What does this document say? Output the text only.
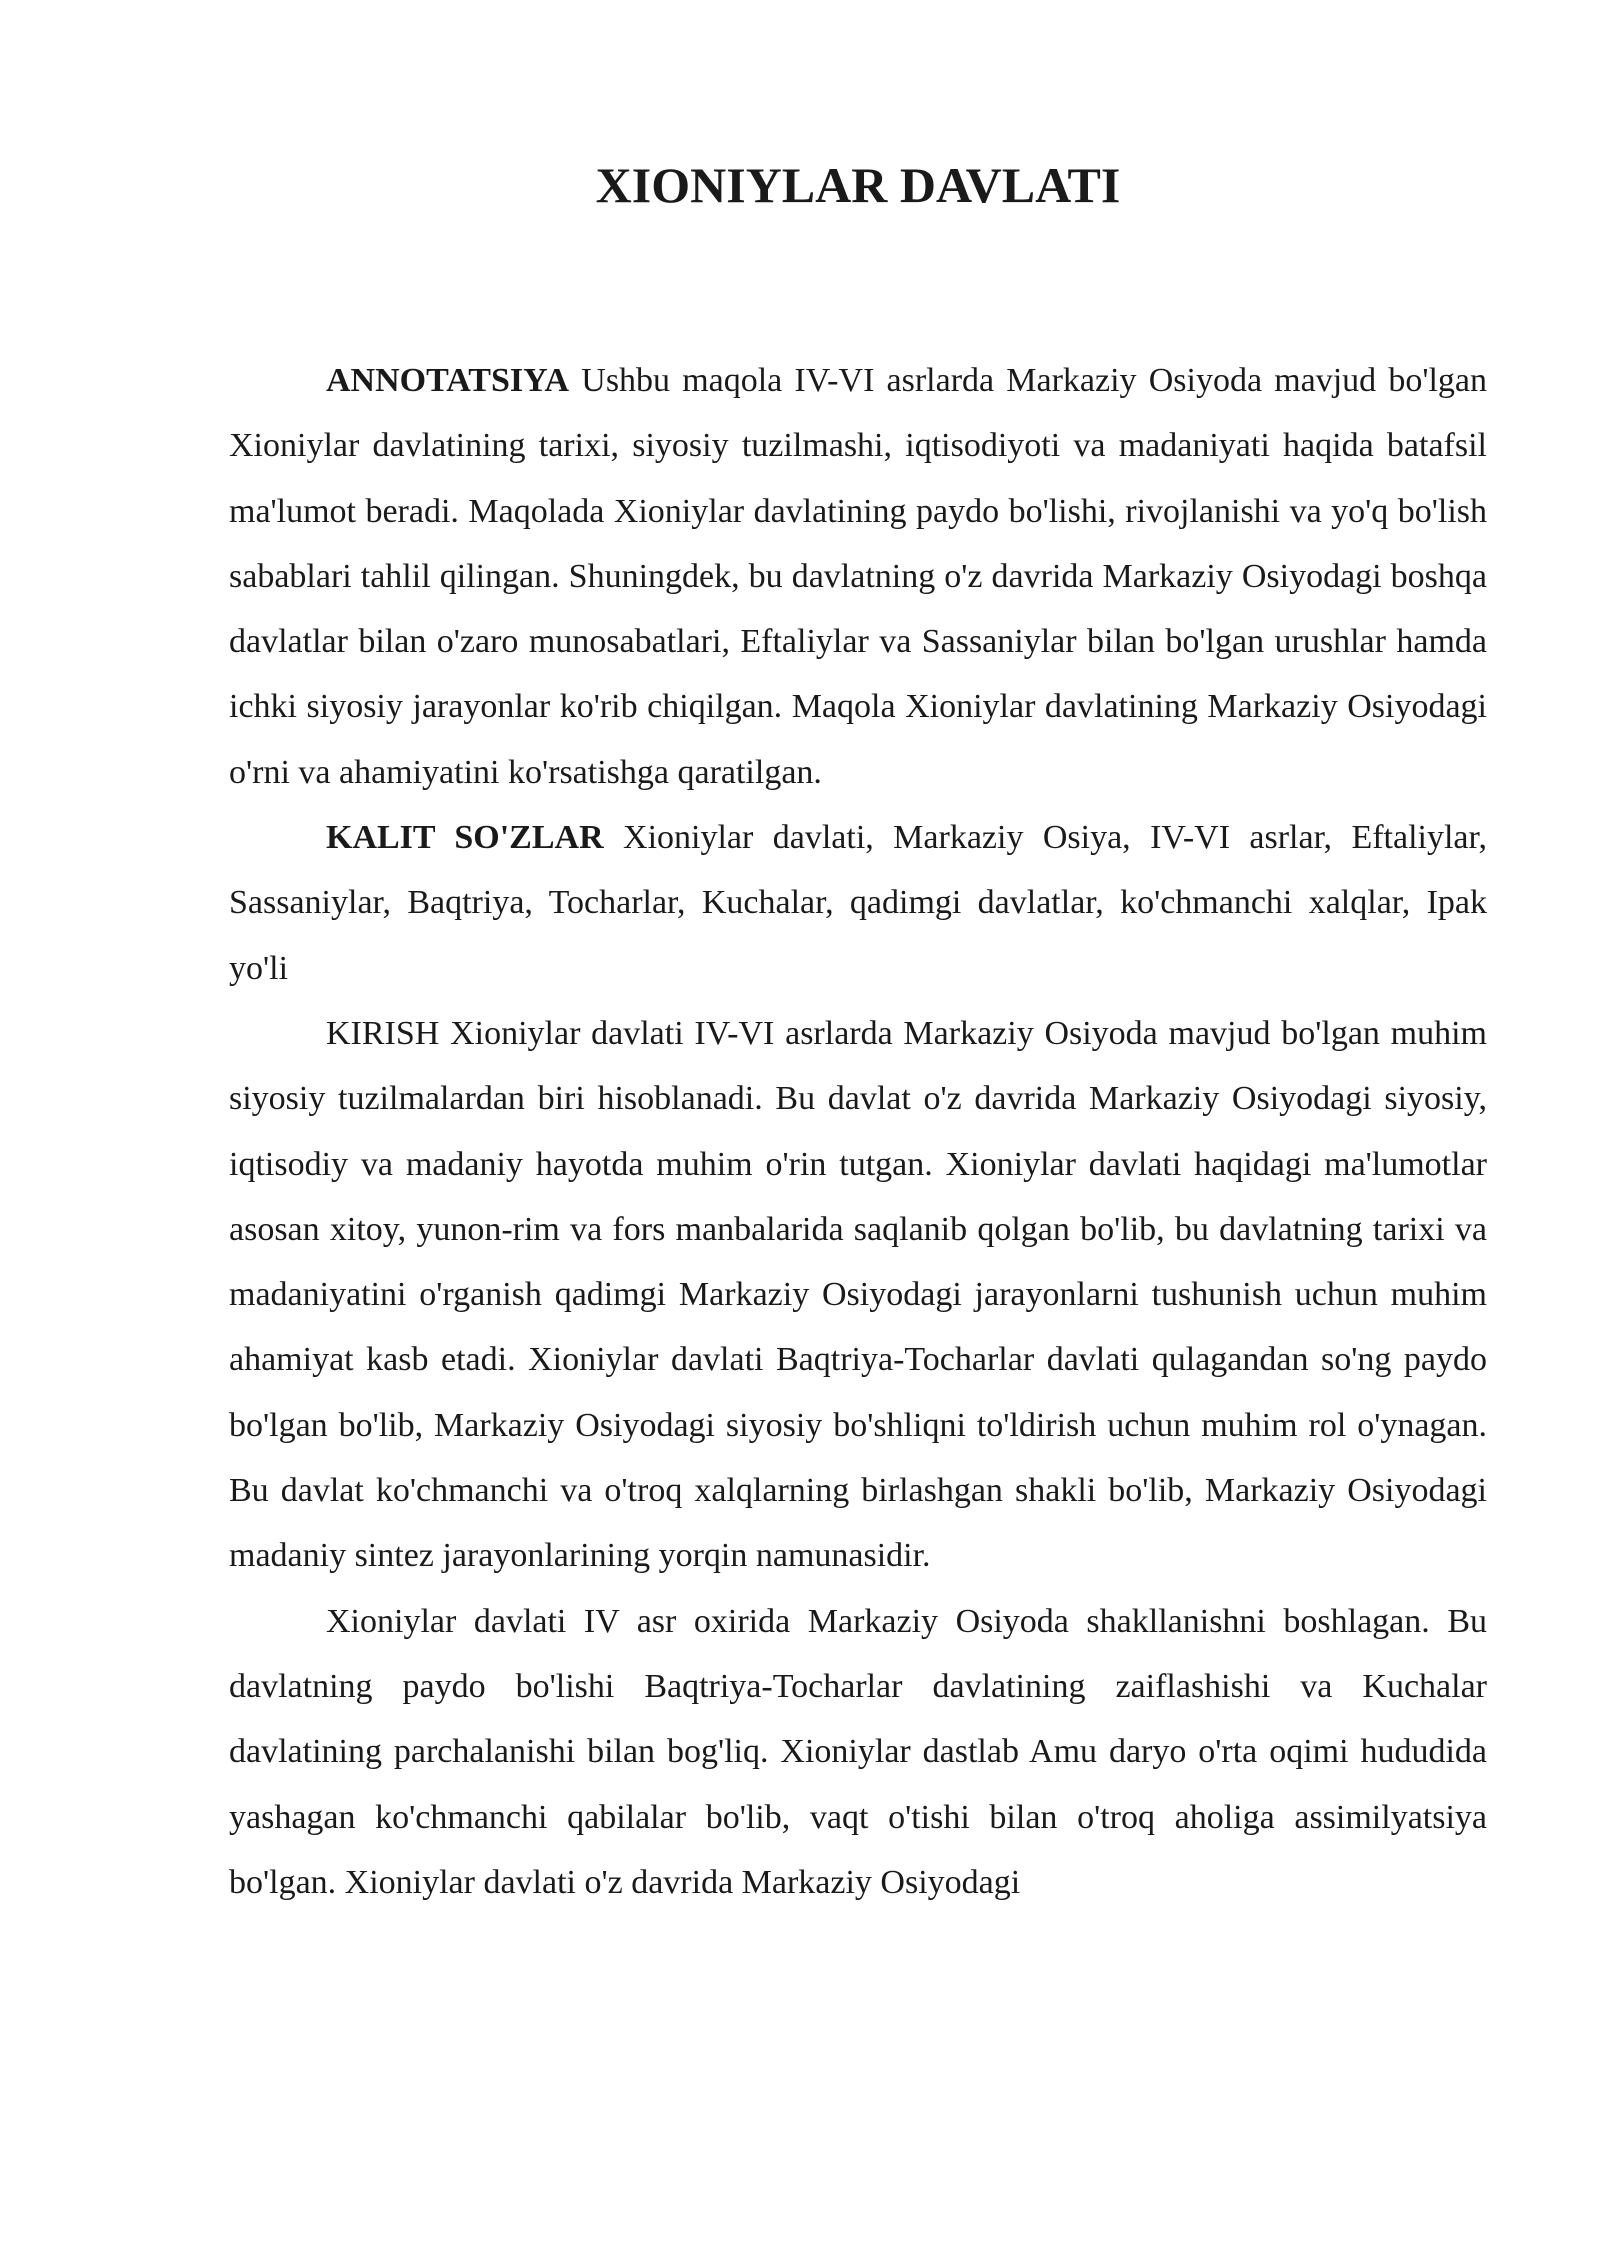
XIONIYLAR DAVLATI

ANNOTATSIYA Ushbu maqola IV-VI asrlarda Markaziy Osiyoda mavjud bo'lgan Xioniylar davlatining tarixi, siyosiy tuzilmashi, iqtisodiyoti va madaniyati haqida batafsil ma'lumot beradi. Maqolada Xioniylar davlatining paydo bo'lishi, rivojlanishi va yo'q bo'lish sabablari tahlil qilingan. Shuningdek, bu davlatning o'z davrida Markaziy Osiyodagi boshqa davlatlar bilan o'zaro munosabatlari, Eftaliylar va Sassaniylar bilan bo'lgan urushlar hamda ichki siyosiy jarayonlar ko'rib chiqilgan. Maqola Xioniylar davlatining Markaziy Osiyodagi o'rni va ahamiyatini ko'rsatishga qaratilgan.

KALIT SO'ZLAR Xioniylar davlati, Markaziy Osiya, IV-VI asrlar, Eftaliylar, Sassaniylar, Baqtriya, Tocharlar, Kuchalar, qadimgi davlatlar, ko'chmanchi xalqlar, Ipak yo'li

KIRISH Xioniylar davlati IV-VI asrlarda Markaziy Osiyoda mavjud bo'lgan muhim siyosiy tuzilmalardan biri hisoblanadi. Bu davlat o'z davrida Markaziy Osiyodagi siyosiy, iqtisodiy va madaniy hayotda muhim o'rin tutgan. Xioniylar davlati haqidagi ma'lumotlar asosan xitoy, yunon-rim va fors manbalarida saqlanib qolgan bo'lib, bu davlatning tarixi va madaniyatini o'rganish qadimgi Markaziy Osiyodagi jarayonlarni tushunish uchun muhim ahamiyat kasb etadi. Xioniylar davlati Baqtriya-Tocharlar davlati qulagandan so'ng paydo bo'lgan bo'lib, Markaziy Osiyodagi siyosiy bo'shliqni to'ldirish uchun muhim rol o'ynagan. Bu davlat ko'chmanchi va o'troq xalqlarning birlashgan shakli bo'lib, Markaziy Osiyodagi madaniy sintez jarayonlarining yorqin namunasidir.

Xioniylar davlati IV asr oxirida Markaziy Osiyoda shakllanishni boshlagan. Bu davlatning paydo bo'lishi Baqtriya-Tocharlar davlatining zaiflashishi va Kuchalar davlatining parchalanishi bilan bog'liq. Xioniylar dastlab Amu daryo o'rta oqimi hududida yashagan ko'chmanchi qabilalar bo'lib, vaqt o'tishi bilan o'troq aholiga assimilyatsiya bo'lgan. Xioniylar davlati o'z davrida Markaziy Osiyodagi
